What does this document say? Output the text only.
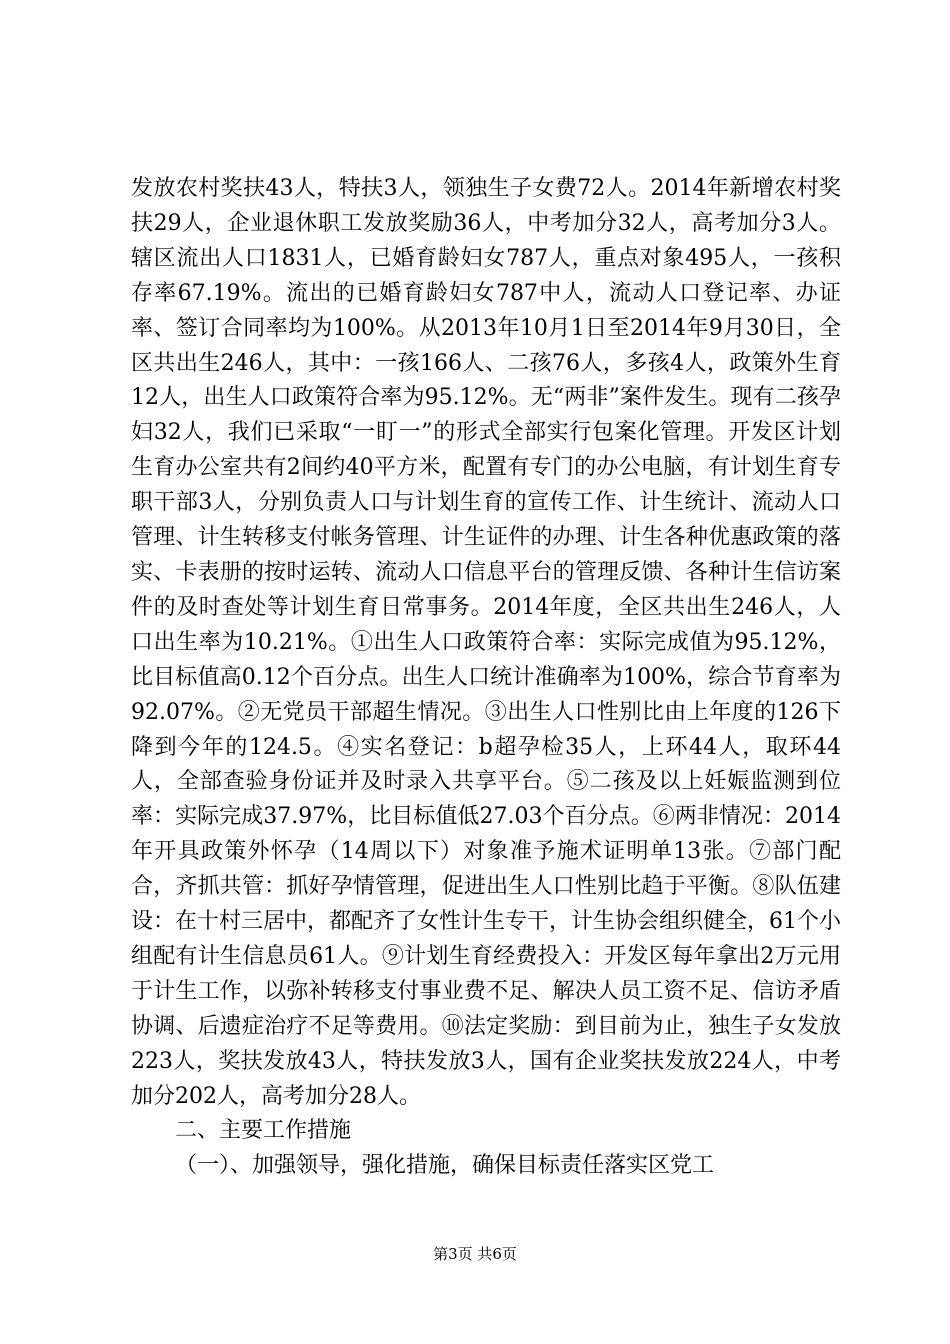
发放农村奖扶43人，特扶3人，领独生子女费72人。2014年新增农村奖扶29人，企业退休职工发放奖励36人，中考加分32人，高考加分3人。辖区流出人口1831人，已婚育龄妇女787人，重点对象495人，一孩积存率67.19%。流出的已婚育龄妇女787中人，流动人口登记率、办证率、签订合同率均为100%。从2013年10月1日至2014年9月30日，全区共出生246人，其中：一孩166人、二孩76人，多孩4人，政策外生育12人，出生人口政策符合率为95.12%。无“两非”案件发生。现有二孩孕妇32人，我们已采取“一盯一”的形式全部实行包案化管理。开发区计划生育办公室共有2间约40平方米，配置有专门的办公电脑，有计划生育专职干部3人，分别负责人口与计划生育的宣传工作、计生统计、流动人口管理、计生转移支付帐务管理、计生证件的办理、计生各种优惠政策的落实、卡表册的按时运转、流动人口信息平台的管理反馈、各种计生信访案件的及时查处等计划生育日常事务。2014年度，全区共出生246人，人口出生率为10.21%。①出生人口政策符合率：实际完成值为95.12%，比目标值高0.12个百分点。出生人口统计准确率为100%，综合节育率为92.07%。②无党员干部超生情况。③出生人口性别比由上年度的126下降到今年的124.5。④实名登记：b超孕检35人，上环44人，取环44人，全部查验身份证并及时录入共享平台。⑤二孩及以上妊娠监测到位率：实际完成37.97%，比目标值低27.03个百分点。⑥两非情况：2014年开具政策外怀孕（14周以下）对象准予施术证明单13张。⑦部门配合，齐抓共管：抓好孕情管理，促进出生人口性别比趋于平衡。⑧队伍建设：在十村三居中，都配齐了女性计生专干，计生协会组织健全，61个小组配有计生信息员61人。⑨计划生育经费投入：开发区每年拿出2万元用于计生工作，以弥补转移支付事业费不足、解决人员工资不足、信访矛盾协调、后遗症治疗不足等费用。⑩法定奖励：到目前为止，独生子女发放223人，奖扶发放43人，特扶发放3人，国有企业奖扶发放224人，中考加分202人，高考加分28人。

二、主要工作措施

（一）、加强领导，强化措施，确保目标责任落实区党工

第3页 共6页
